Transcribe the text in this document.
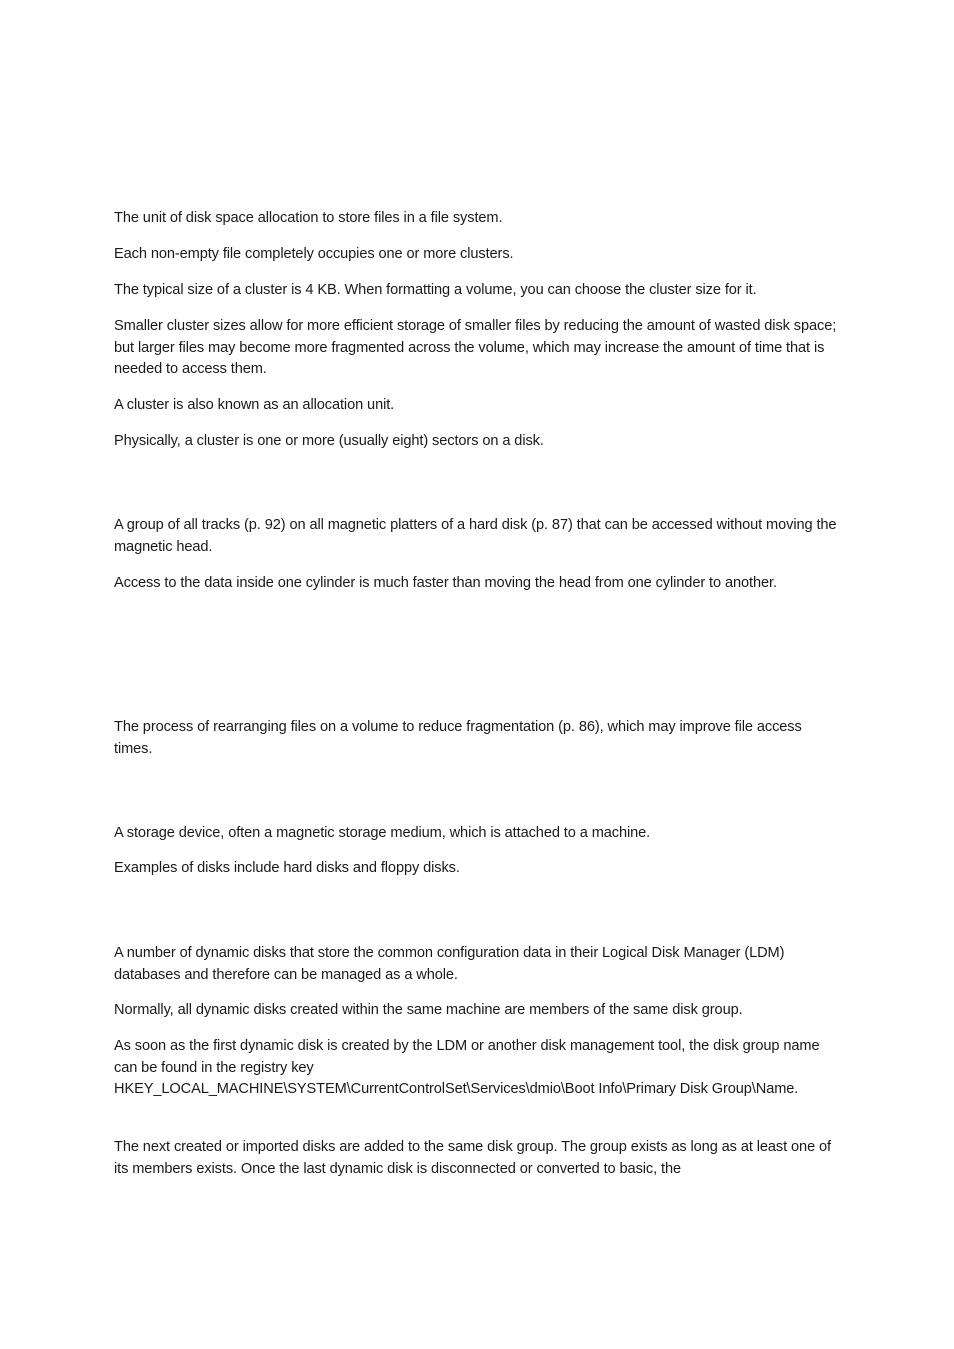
The unit of disk space allocation to store files in a file system.

Each non-empty file completely occupies one or more clusters.

The typical size of a cluster is 4 KB. When formatting a volume, you can choose the cluster size for it.

Smaller cluster sizes allow for more efficient storage of smaller files by reducing the amount of wasted disk space; but larger files may become more fragmented across the volume, which may increase the amount of time that is needed to access them.

A cluster is also known as an allocation unit.

Physically, a cluster is one or more (usually eight) sectors on a disk.

A group of all tracks (p. 92) on all magnetic platters of a hard disk (p. 87) that can be accessed without moving the magnetic head.

Access to the data inside one cylinder is much faster than moving the head from one cylinder to another.

The process of rearranging files on a volume to reduce fragmentation (p. 86), which may improve file access times.

A storage device, often a magnetic storage medium, which is attached to a machine.

Examples of disks include hard disks and floppy disks.

A number of dynamic disks that store the common configuration data in their Logical Disk Manager (LDM) databases and therefore can be managed as a whole.

Normally, all dynamic disks created within the same machine are members of the same disk group.

As soon as the first dynamic disk is created by the LDM or another disk management tool, the disk group name can be found in the registry key
HKEY_LOCAL_MACHINE\SYSTEM\CurrentControlSet\Services\dmio\Boot Info\Primary Disk Group\Name.

The next created or imported disks are added to the same disk group. The group exists as long as at least one of its members exists. Once the last dynamic disk is disconnected or converted to basic, the
